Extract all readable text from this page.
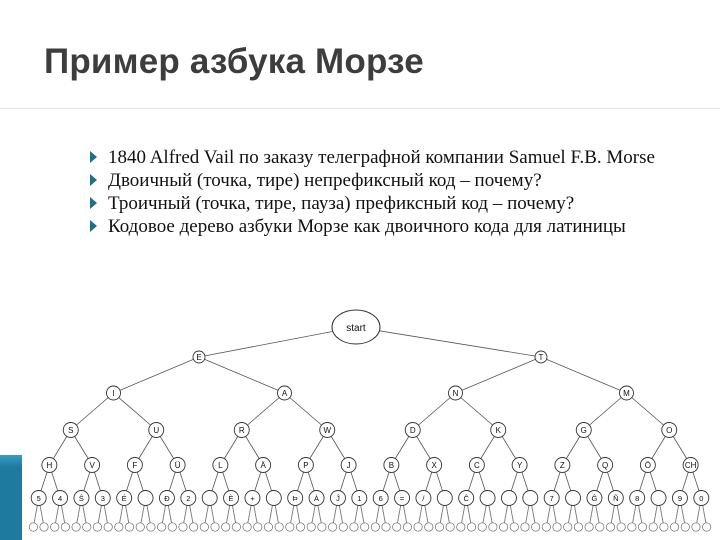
Пример азбука Морзе
1840 Alfred Vail по заказу телеграфной компании Samuel F.B. Morse
Двоичный (точка, тире) непрефиксный код – почему?
Троичный (точка, тире, пауза) префиксный код – почему?
Кодовое дерево азбуки Морзе как двоичного кода для латиницы
start
E	T
I	A	N	M
S	U	R	W	D	K	G	O
H	V	F	Ü	L	Ä	P	J	B	X	C	Y	Z	Q	Ö	CH
5 4 Ŝ 3 É	Ð 2	È +	Þ À Ĵ 1 6 = /	Ĉ	7	Ĝ Ñ 8	9 0
